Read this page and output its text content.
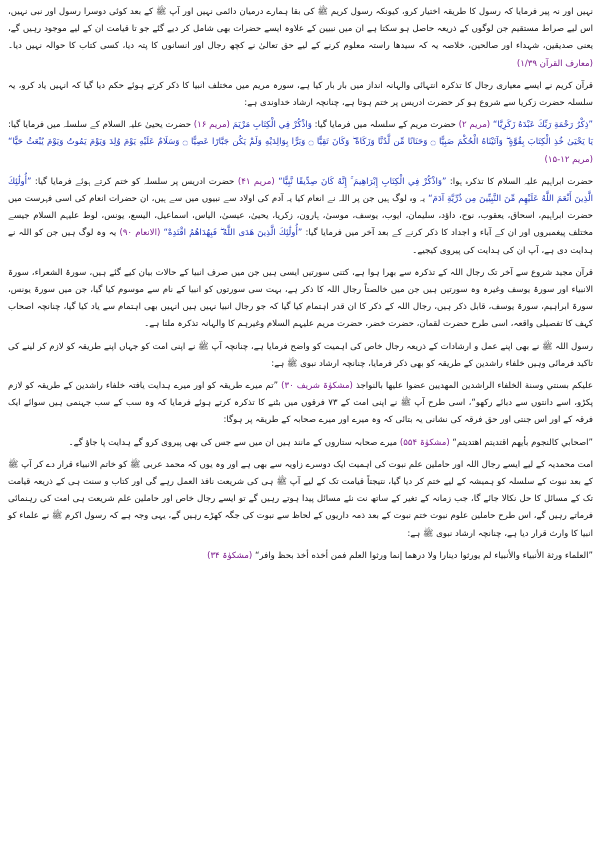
نہیں اور نہ پیر فرمایا کہ رسول کا طریقہ اختیار کرو، کیونکہ رسول کریم ﷺ کی بقا ہمارے درمیان دائمی نہیں اور آپ ﷺ کے بعد کوئی دوسرا رسول اور نبی نہیں، اس لیے صراط مستقیم جن لوگوں کے ذریعہ حاصل ہو سکتا ہے ان میں نبیین کے علاوہ ایسے حضرات بھی شامل کر دیے گئے جو تا قیامت ان کے لیے موجود رہیں گے، یعنی صدیقین، شہداء اور صالحین، خلاصہ یہ کہ سیدھا راستہ معلوم کرنے کے لیے حق تعالیٰ نے کچھ رجال اور انسانوں کا پتہ دیا، کسی کتاب کا حوالہ نہیں دیا۔ (معارف القرآن ۱/۳۹)

قرآن کریم نے ایسے معیاری رجال کا تذکرہ انتہائی والہانہ انداز میں بار بار کیا ہے، سورہ مریم میں مختلف انبیا کا ذکر کرتے ہوئے حکم دیا گیا کہ انہیں یاد کرو، یہ سلسلہ حضرت زکریا سے شروع ہو کر حضرت ادریس پر ختم ہوتا ہے، چنانچہ ارشاد خداوندی ہے:

”ذِكْرُ رَحْمَةِ رَبِّكَ عَبْدَهُ زَكَرِيَّا“ (مریم ۲) حضرت مریم کے سلسلہ میں فرمایا گیا: وَاذْكُرْ فِي الْكِتَابِ مَرْيَمَ (مریم ۱۶) حضرت یحییٰ علیہ السلام کے سلسلہ میں فرمایا گیا: يَا يَحْيَىٰ خُذِ الْكِتَابَ بِقُوَّةٍ ۖ وَآتَيْنَاهُ الْحُكْمَ صَبِيًّا ۝ وَحَنَانًا مِّن لَّدُنَّا وَزَكَاةً ۖ وَكَانَ تَقِيًّا ۝ وَبَرًّا بِوَالِدَيْهِ وَلَمْ يَكُن جَبَّارًا عَصِيًّا ۝ وَسَلَامٌ عَلَيْهِ يَوْمَ وُلِدَ وَيَوْمَ يَمُوتُ وَيَوْمَ يُبْعَثُ حَيًّا“ (مریم ۱۲-۱۵)

حضرت ابراہیم علیہ السلام کا تذکرہ ہوا: ”وَاذْكُرْ فِي الْكِتَابِ إِبْرَاهِيمَ ۚ إِنَّهُ كَانَ صِدِّيقًا نَّبِيًّا“ (مریم ۴۱) حضرت ادریس پر سلسلہ کو ختم کرتے ہوئے فرمایا گیا: ”أُولَٰئِكَ الَّذِينَ أَنْعَمَ اللَّهُ عَلَيْهِم مِّنَ النَّبِيِّينَ مِن ذُرِّيَّةِ آدَمَ“ یہ وہ لوگ ہیں جن پر اللہ نے انعام کیا یہ آدم کی اولاد سے نبیوں میں سے ہیں، ان حضرات انعام کی اسی فہرست میں حضرت ابراہیم، اسحاق، یعقوب، نوح، داؤد، سلیمان، ایوب، یوسف، موسیٰ، ہارون، زکریا، یحییٰ، عیسیٰ، الیاس، اسماعیل، الیسع، یونس، لوط علیہم السلام جیسے مختلف پیغمبروں اور ان کے آباء و اجداد کا ذکر کرنے کے بعد آخر میں فرمایا گیا: ”أُولَٰئِكَ الَّذِينَ هَدَى اللَّهُ ۖ فَبِهُدَاهُمُ اقْتَدِهْ“ (الانعام ۹۰) یہ وہ لوگ ہیں جن کو اللہ نے ہدایت دی ہے، آپ ان کی ہدایت کی پیروی کیجیے۔

قرآن مجید شروع سے آخر تک رجال اللہ کے تذکرہ سے بھرا ہوا ہے، کتنی سورتیں ایسی ہیں جن میں صرف انبیا کے حالات بیان کیے گئے ہیں، سورۃ الشعراء، سورۃ الانبیاء اور سورۃ یوسف وغیرہ وہ سورتیں ہیں جن میں خالصتاً رجال اللہ کا ذکر ہے، بہت سی سورتوں کو انبیا کے نام سے موسوم کیا گیا، جن میں سورۃ یونس، سورۃ ابراہیم، سورۃ یوسف، قابل ذکر ہیں، رجال اللہ کے ذکر کا ان قدر اہتمام کیا گیا کہ جو رجال انبیا نہیں ہیں انہیں بھی اہتمام سے یاد کیا گیا، چنانچہ اصحاب کہف کا تفصیلی واقعہ، اسی طرح حضرت لقمان، حضرت خضر، حضرت مریم علیہم السلام وغیرہم کا والہانہ تذکرہ ملتا ہے۔

رسول اللہ ﷺ نے بھی اپنے عمل و ارشادات کے ذریعہ رجال خاص کی اہمیت کو واضح فرمایا ہے، چنانچہ آپ ﷺ نے اپنی امت کو جہاں اپنے طریقہ کو لازم کر لینے کی تاکید فرمائی وہیں خلفاء راشدین کے طریقہ کو بھی ذکر فرمایا، چنانچہ ارشاد نبوی ﷺ ہے:

عليكم بسنتي وسنة الخلفاء الراشدين المهديين عضوا عليها بالنواجذ (مشکوٰۃ شریف ۳۰) ”تم میرے طریقہ کو اور میرے ہدایت یافتہ خلفاء راشدین کے طریقہ کو لازم پکڑو، اسے دانتوں سے دبائے رکھو“، اسی طرح آپ ﷺ نے اپنی امت کے ۷۳ فرقوں میں بٹنے کا تذکرہ کرتے ہوئے فرمایا کہ وہ سب کے سب جہنمی ہیں سوائے ایک فرقہ کے اور اس جنتی اور حق فرقہ کی نشانی یہ بتائی کہ وہ میرے اور میرے صحابہ کے طریقہ پر ہوگا:

”اصحابي كالنجوم بأيهم اقتديتم اهتديتم“ (مشکوٰۃ ۵۵۴) میرے صحابہ ستاروں کے مانند ہیں ان میں سے جس کی بھی پیروی کرو گے ہدایت پا جاؤ گے۔

امت محمدیہ کے لیے ایسے رجال اللہ اور حاملین علم نبوت کی اہمیت ایک دوسرے زاویہ سے بھی ہے اور وہ یوں کہ محمد عربی ﷺ کو خاتم الانبیاء قرار دے کر آپ ﷺ کے بعد نبوت کے سلسلہ کو ہمیشہ کے لیے ختم کر دیا گیا، نتیجتاً قیامت تک کے لیے آپ ﷺ ہی کی شریعت نافذ العمل رہے گی اور کتاب و سنت ہی کے ذریعہ قیامت تک کے مسائل کا حل نکالا جائے گا، جب زمانہ کے تغیر کے ساتھ نت نئے مسائل پیدا ہوتے رہیں گے تو ایسے رجال خاص اور حاملین علم شریعت ہی امت کی رہنمائی فرماتے رہیں گے، اس طرح حاملین علوم نبوت ختم نبوت کے بعد ذمہ داریوں کے لحاظ سے نبوت کی جگہ کھڑے رہیں گے، یہی وجہ ہے کہ رسول اکرم ﷺ نے علماء کو انبیا کا وارث قرار دیا ہے، چنانچہ ارشاد نبوی ﷺ ہے:

”العلماء ورثة الأنبياء والأنبياء لم يورثوا دينارا ولا درهما إنما ورثوا العلم فمن أخذه أخذ بحظ وافر“ (مشکوٰۃ ۳۴)
